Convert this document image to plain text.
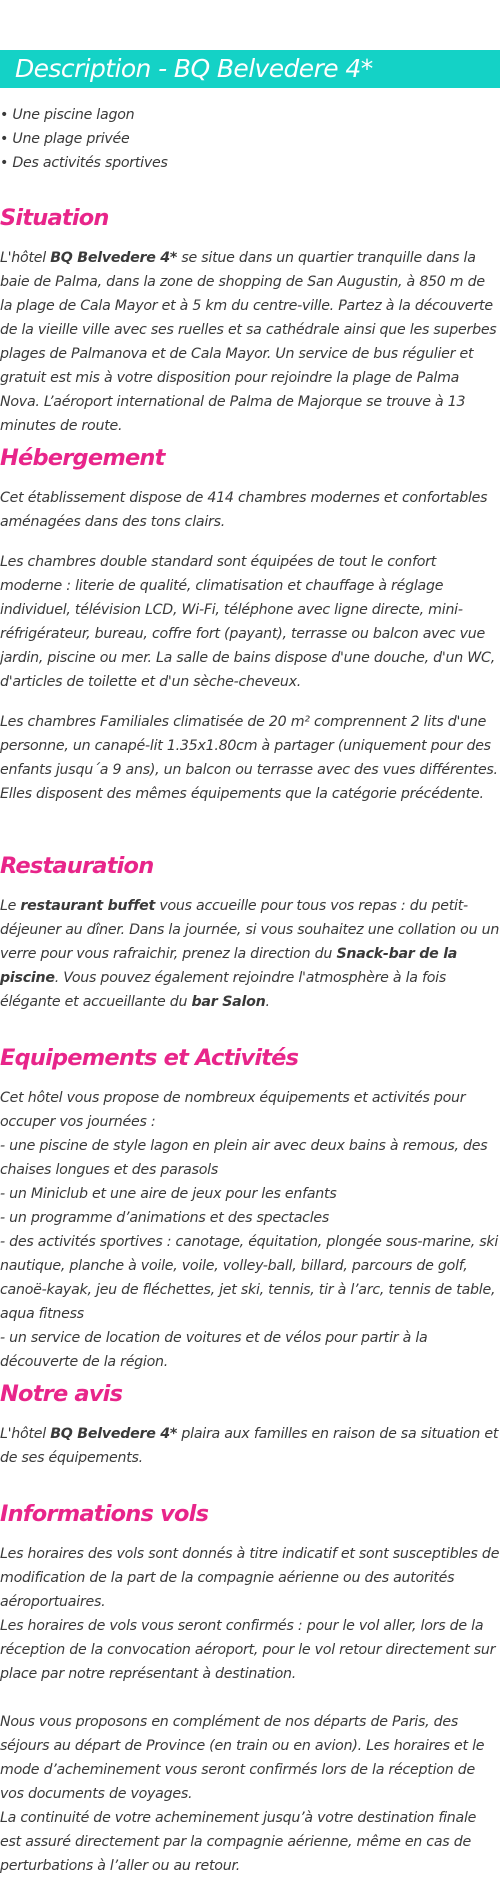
Description - BQ Belvedere 4*

• Une piscine lagon

• Une plage privée

• Des activités sportives

Situation

L'hôtel BQ Belvedere 4* se situe dans un quartier tranquille dans la baie de Palma, dans la zone de shopping de San Augustin, à 850 m de la plage de Cala Mayor et à 5 km du centre-ville. Partez à la découverte de la vieille ville avec ses ruelles et sa cathédrale ainsi que les superbes plages de Palmanova et de Cala Mayor. Un service de bus régulier et gratuit est mis à votre disposition pour rejoindre la plage de Palma Nova. L’aéroport international de Palma de Majorque se trouve à 13 minutes de route.

Hébergement

Cet établissement dispose de 414 chambres modernes et confortables aménagées dans des tons clairs.

Les chambres double standard sont équipées de tout le confort moderne : literie de qualité, climatisation et chauffage à réglage individuel, télévision LCD, Wi-Fi, téléphone avec ligne directe, mini-réfrigérateur, bureau, coffre fort (payant), terrasse ou balcon avec vue jardin, piscine ou mer. La salle de bains dispose d'une douche, d'un WC, d'articles de toilette et d'un sèche-cheveux.

Les chambres Familiales climatisée de 20 m² comprennent 2 lits d'une personne, un canapé-lit 1.35x1.80cm à partager (uniquement pour des enfants jusqu´a 9 ans), un balcon ou terrasse avec des vues différentes. Elles disposent des mêmes équipements que la catégorie précédente.

Restauration

Le restaurant buffet vous accueille pour tous vos repas : du petit-déjeuner au dîner. Dans la journée, si vous souhaitez une collation ou un verre pour vous rafraichir, prenez la direction du Snack-bar de la piscine. Vous pouvez également rejoindre l'atmosphère à la fois élégante et accueillante du bar Salon.

Equipements et Activités

Cet hôtel vous propose de nombreux équipements et activités pour occuper vos journées :

- une piscine de style lagon en plein air avec deux bains à remous, des chaises longues et des parasols

- un Miniclub et une aire de jeux pour les enfants

- un programme d’animations et des spectacles

- des activités sportives : canotage, équitation, plongée sous-marine, ski nautique, planche à voile, voile, volley-ball, billard, parcours de golf, canoë-kayak, jeu de fléchettes, jet ski, tennis, tir à l’arc, tennis de table, aqua fitness

- un service de location de voitures et de vélos pour partir à la découverte de la région.

Notre avis

L'hôtel BQ Belvedere 4* plaira aux familles en raison de sa situation et de ses équipements.

Informations vols

Les horaires des vols sont donnés à titre indicatif et sont susceptibles de modification de la part de la compagnie aérienne ou des autorités aéroportuaires.

Les horaires de vols vous seront confirmés : pour le vol aller, lors de la réception de la convocation aéroport, pour le vol retour directement sur place par notre représentant à destination.

Nous vous proposons en complément de nos départs de Paris, des séjours au départ de Province (en train ou en avion). Les horaires et le mode d’acheminement vous seront confirmés lors de la réception de vos documents de voyages.

La continuité de votre acheminement jusqu’à votre destination finale est assuré directement par la compagnie aérienne, même en cas de perturbations à l’aller ou au retour.
